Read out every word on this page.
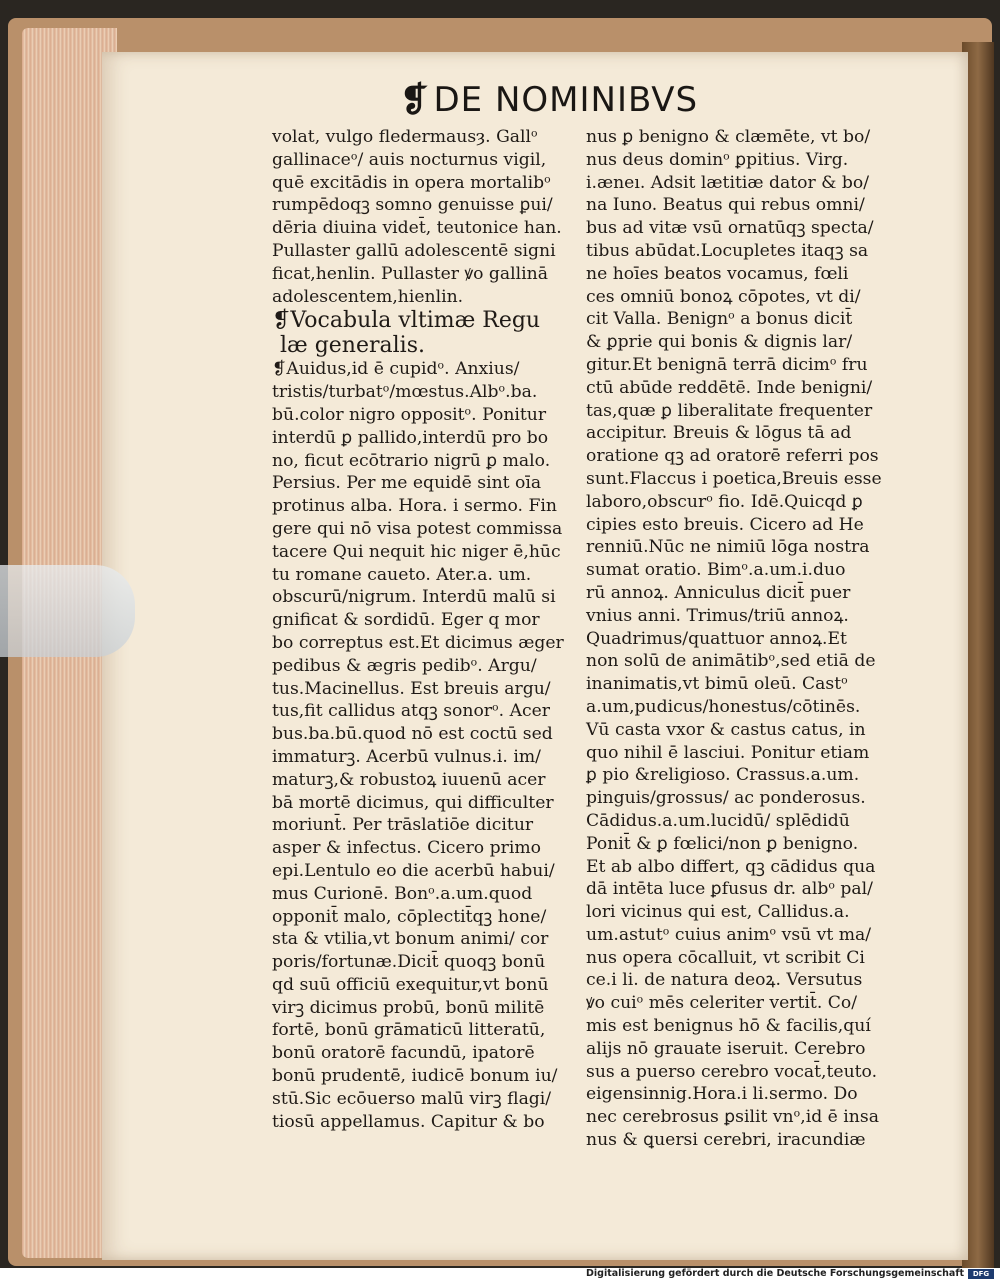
❡ DE NOMINIBVS
volat, vulgo fledermausȝ. Gallᵒ
gallinaceᵒ/ auis nocturnus vigil,
quē excitādis in opera mortalibᵒ
rumpēdoqꝫ somno genuisse ꝑui/
dēria diuina videt̄, teutonice han.
Pullaster gallū adolescentē signi
ficat,henlin. Pullaster ꝟo gallinā
adolescentem,hienlin.
❡Vocabula vltimæ Regu
læ generalis.
❡Auidus,id ē cupidᵒ. Anxius/
tristis/turbatᵒ/mœstus.Albᵒ.ba.
bū.color nigro oppositᵒ. Ponitur
interdū ꝑ pallido,interdū pro bo
no, ficut ecōtrario nigrū ꝑ malo.
Persius. Per me equidē sint oīa
protinus alba. Hora. i sermo. Fin
gere qui nō visa potest commissa
tacere Qui nequit hic niger ē,hūc
tu romane caueto. Ater.a. um.
obscurū/nigrum. Interdū malū si
gnificat & sordidū. Eger q mor
bo correptus est.Et dicimus æger
pedibus & ægris pedibᵒ. Argu/
tus.Macinellus. Est breuis argu/
tus,fit callidus atqꝫ sonorᵒ. Acer
bus.ba.bū.quod nō est coctū sed
immaturꝫ. Acerbū vulnus.i. im/
maturꝫ,& robustoꝝ iuuenū acer
bā mortē dicimus, qui difficulter
moriunt̄. Per trāslatiōe dicitur
asper & infectus. Cicero primo
epi.Lentulo eo die acerbū habui/
mus Curionē. Bonᵒ.a.um.quod
opponit̄ malo, cōplectit̄qꝫ hone/
sta & vtilia,vt bonum animi/ cor
poris/fortunæ.Dicit̄ quoqꝫ bonū
qd suū officiū exequitur,vt bonū
virꝫ dicimus probū, bonū militē
fortē, bonū grāmaticū litteratū,
bonū oratorē facundū, ipatorē
bonū prudentē, iudicē bonum iu/
stū.Sic ecōuerso malū virꝫ flagi/
tiosū appellamus. Capitur & bo
nus ꝑ benigno & clæmēte, vt bo/
nus deus dominᵒ ꝑpitius. Virg.
i.æneı. Adsit lætitiæ dator & bo/
na Iuno. Beatus qui rebus omni/
bus ad vitæ vsū ornatūqꝫ specta/
tibus abūdat.Locupletes itaqꝫ sa
ne hoīes beatos vocamus, fœli
ces omniū bonoꝝ cōpotes, vt di/
cit Valla. Benignᵒ a bonus dicit̄
& ꝑprie qui bonis & dignis lar/
gitur.Et benignā terrā dicimᵒ fru
ctū abūde reddētē. Inde benigni/
tas,quæ ꝑ liberalitate frequenter
accipitur. Breuis & lōgus tā ad
oratione qꝫ ad oratorē referri pos
sunt.Flaccus i poetica,Breuis esse
laboro,obscurᵒ fio. Idē.Quicqd ꝑ
cipies esto breuis. Cicero ad He
renniū.Nūc ne nimiū lōga nostra
sumat oratio. Bimᵒ.a.um.i.duo
rū annoꝝ. Anniculus dicit̄ puer
vnius anni. Trimus/triū annoꝝ.
Quadrimus/quattuor annoꝝ.Et
non solū de animātibᵒ,sed etiā de
inanimatis,vt bimū oleū. Castᵒ
a.um,pudicus/honestus/cōtinēs.
Vū casta vxor & castus catus, in
quo nihil ē lasciui. Ponitur etiam
ꝑ pio &religioso. Crassus.a.um.
pinguis/grossus/ ac ponderosus.
Cādidus.a.um.lucidū/ splēdidū
Ponit̄ & ꝑ fœlici/non ꝑ benigno.
Et ab albo differt, qꝫ cādidus qua
dā intēta luce ꝑfusus dr. albᵒ pal/
lori vicinus qui est, Callidus.a.
um.astutᵒ cuius animᵒ vsū vt ma/
nus opera cōcalluit, vt scribit Ci
ce.i li. de natura deoꝝ. Versutus
ꝟo cuiᵒ mēs celeriter vertit̄. Co/
mis est benignus hō & facilis,quí
alijs nō grauate iseruit. Cerebro
sus a puerso cerebro vocat̄,teuto.
eigensinnig.Hora.i li.sermo. Do
nec cerebrosus ꝑsilit vnᵒ,id ē insa
nus & ꝗuersi cerebri, iracundiæ
Digitalisierung gefördert durch die Deutsche Forschungsgemeinschaft	DFG
